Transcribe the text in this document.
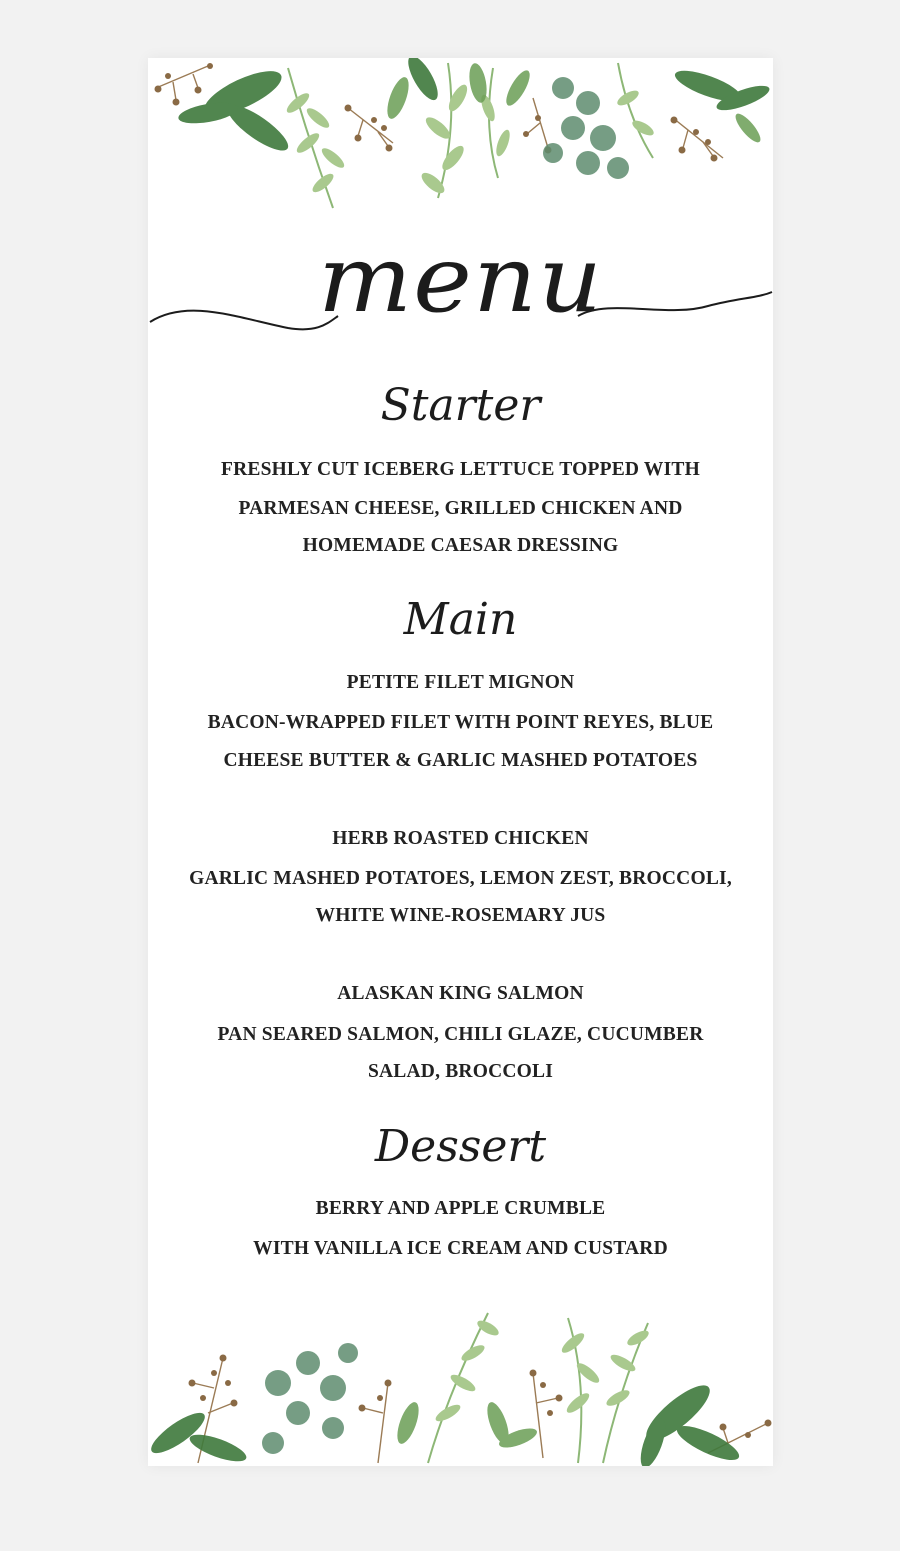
menu
Starter
FRESHLY CUT ICEBERG LETTUCE TOPPED WITH
PARMESAN CHEESE, GRILLED CHICKEN AND
HOMEMADE CAESAR DRESSING
Main
PETITE FILET MIGNON
BACON-WRAPPED FILET WITH POINT REYES, BLUE
CHEESE BUTTER & GARLIC MASHED POTATOES
HERB ROASTED CHICKEN
GARLIC MASHED POTATOES, LEMON ZEST, BROCCOLI,
WHITE WINE-ROSEMARY JUS
ALASKAN KING SALMON
PAN SEARED SALMON, CHILI GLAZE, CUCUMBER
SALAD, BROCCOLI
Dessert
BERRY AND APPLE CRUMBLE
WITH VANILLA ICE CREAM AND CUSTARD
